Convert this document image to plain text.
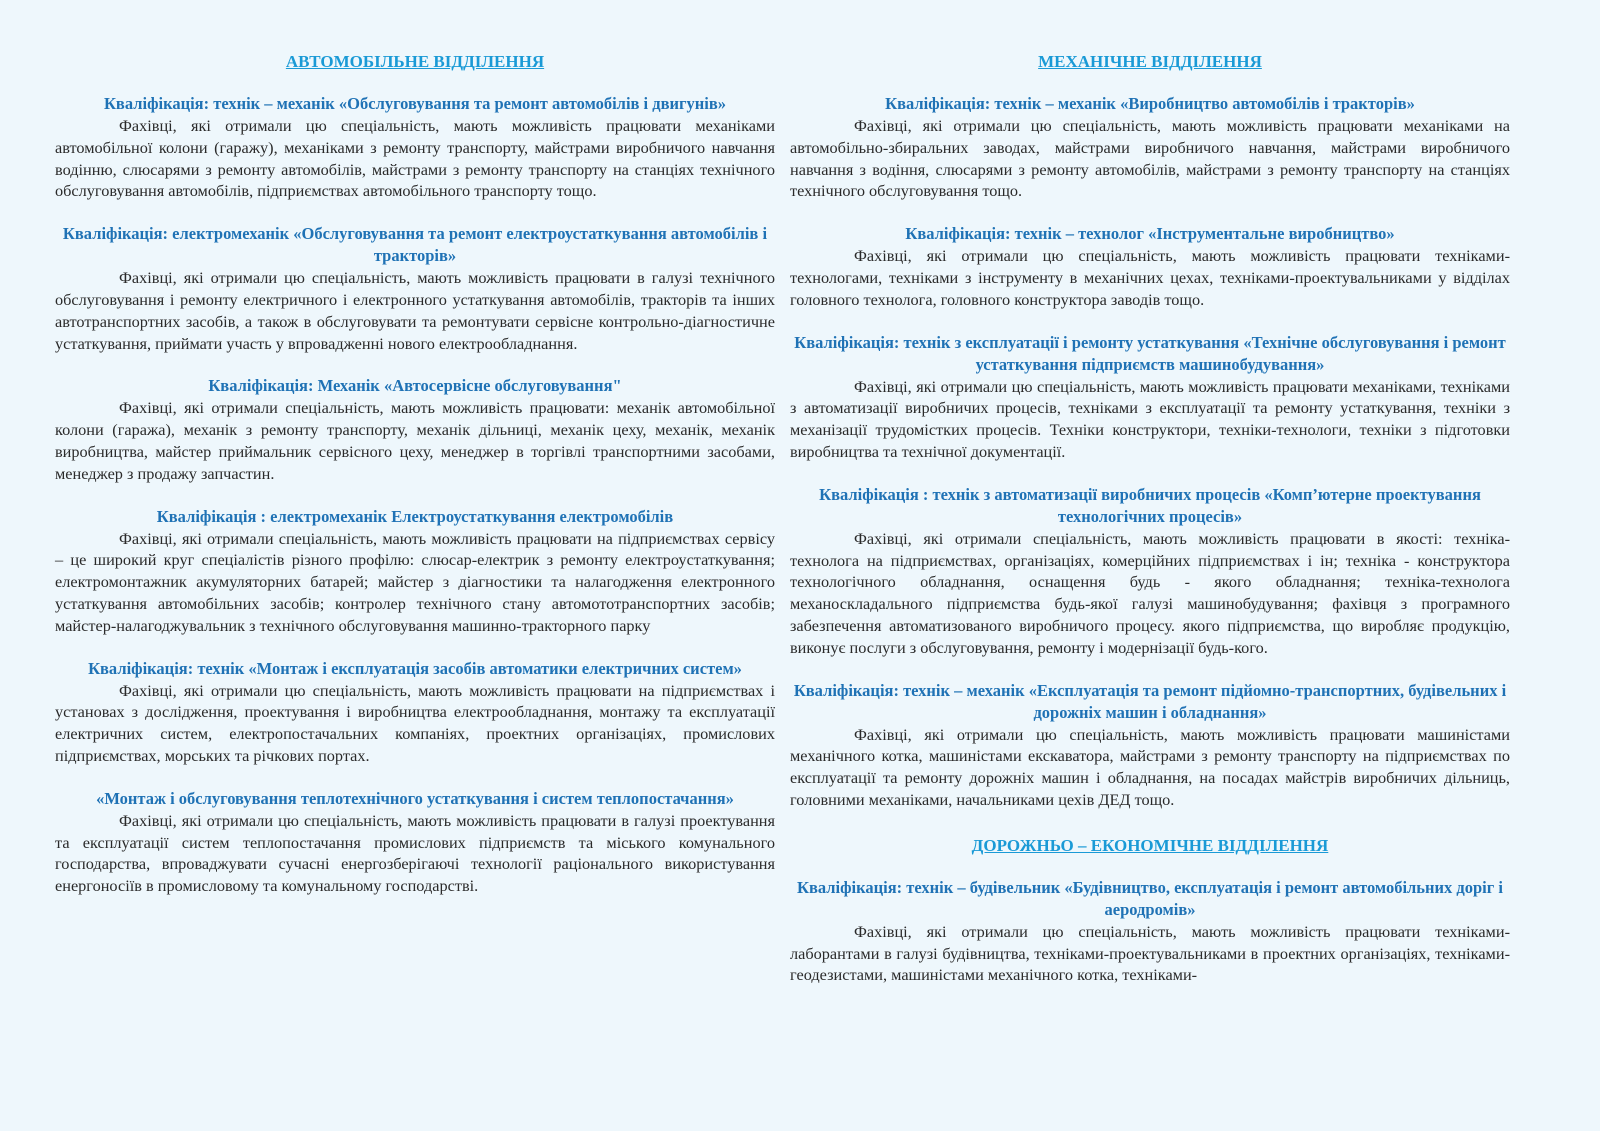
АВТОМОБІЛЬНЕ ВІДДІЛЕННЯ
Кваліфікація: технік – механік «Обслуговування та ремонт автомобілів і двигунів»

Фахівці, які отримали цю спеціальність, мають можливість працювати механіками автомобільної колони (гаражу), механіками з ремонту транспорту, майстрами виробничого навчання водінню, слюсарями з ремонту автомобілів, майстрами з ремонту транспорту на станціях технічного обслуговування автомобілів, підприємствах автомобільного транспорту тощо.

Кваліфікація: електромеханік «Обслуговування та ремонт електроустаткування автомобілів і тракторів»

Фахівці, які отримали цю спеціальність, мають можливість працювати в галузі технічного обслуговування і ремонту електричного і електронного устаткування автомобілів, тракторів та інших автотранспортних засобів, а також в обслуговувати та ремонтувати сервісне контрольно-діагностичне устаткування, приймати участь у впровадженні нового електрообладнання.

Кваліфікація: Механік «Автосервісне обслуговування"

Фахівці, які отримали спеціальність, мають можливість працювати: механік автомобільної колони (гаража), механік з ремонту транспорту, механік дільниці, механік цеху, механік, механік виробництва, майстер приймальник сервісного цеху, менеджер в торгівлі транспортними засобами, менеджер з продажу запчастин.

Кваліфікація : електромеханік Електроустаткування електромобілів

Фахівці, які отримали спеціальність, мають можливість працювати на підприємствах сервісу – це широкий круг спеціалістів різного профілю: слюсар-електрик з ремонту електроустаткування; електромонтажник акумуляторних батарей; майстер з діагностики та налагодження електронного устаткування автомобільних засобів; контролер технічного стану автомототранспортних засобів; майстер-налагоджувальник з технічного обслуговування машинно-тракторного парку

Кваліфікація: технік «Монтаж і експлуатація засобів автоматики електричних систем»

Фахівці, які отримали цю спеціальність, мають можливість працювати на підприємствах і установах з дослідження, проектування і виробництва електрообладнання, монтажу та експлуатації електричних систем, електропостачальних компаніях, проектних організаціях, промислових підприємствах, морських та річкових портах.

«Монтаж і обслуговування теплотехнічного устаткування і систем теплопостачання»

Фахівці, які отримали цю спеціальність, мають можливість працювати в галузі проектування та експлуатації систем теплопостачання промислових підприємств та міського комунального господарства, впроваджувати сучасні енергозберігаючі технології раціонального використування енергоносіїв в промисловому та комунальному господарстві.

МЕХАНІЧНЕ ВІДДІЛЕННЯ
Кваліфікація: технік – механік «Виробництво автомобілів і тракторів»

Фахівці, які отримали цю спеціальність, мають можливість працювати механіками на автомобільно-збиральних заводах, майстрами виробничого навчання, майстрами виробничого навчання з водіння, слюсарями з ремонту автомобілів, майстрами з ремонту транспорту на станціях технічного обслуговування тощо.

Кваліфікація: технік – технолог «Інструментальне виробництво»

Фахівці, які отримали цю спеціальність, мають можливість працювати техніками-технологами, техніками з інструменту в механічних цехах, техніками-проектувальниками у відділах головного технолога, головного конструктора заводів тощо.

Кваліфікація: технік з експлуатації і ремонту устаткування «Технічне обслуговування і ремонт устаткування підприємств машинобудування»

Фахівці, які отримали цю спеціальність, мають можливість працювати механіками, техніками з автоматизації виробничих процесів, техніками з експлуатації та ремонту устаткування, техніки з механізації трудомістких процесів. Техніки конструктори, техніки-технологи, техніки з підготовки виробництва та технічної документації.

Кваліфікація : технік з автоматизації виробничих процесів «Комп’ютерне проектування технологічних процесів»

Фахівці, які отримали спеціальність, мають можливість працювати в якості: техніка-технолога на підприємствах, організаціях, комерційних підприємствах і ін; техніка - конструктора технологічного обладнання, оснащення будь - якого обладнання; техніка-технолога механоскладального підприємства будь-якої галузі машинобудування; фахівця з програмного забезпечення автоматизованого виробничого процесу. якого підприємства, що виробляє продукцію, виконує послуги з обслуговування, ремонту і модернізації будь-кого.

Кваліфікація: технік – механік «Експлуатація та ремонт підйомно-транспортних, будівельних і дорожніх машин і обладнання»

Фахівці, які отримали цю спеціальність, мають можливість працювати машиністами механічного котка, машиністами екскаватора, майстрами з ремонту транспорту на підприємствах по експлуатації та ремонту дорожніх машин і обладнання, на посадах майстрів виробничих дільниць, головними механіками, начальниками цехів ДЕД тощо.

ДОРОЖНЬО – ЕКОНОМІЧНЕ ВІДДІЛЕННЯ
Кваліфікація: технік – будівельник «Будівництво, експлуатація і ремонт автомобільних доріг і аеродромів»

Фахівці, які отримали цю спеціальність, мають можливість працювати техніками-лаборантами в галузі будівництва, техніками-проектувальниками в проектних організаціях, техніками-геодезистами, машиністами механічного котка, техніками-
